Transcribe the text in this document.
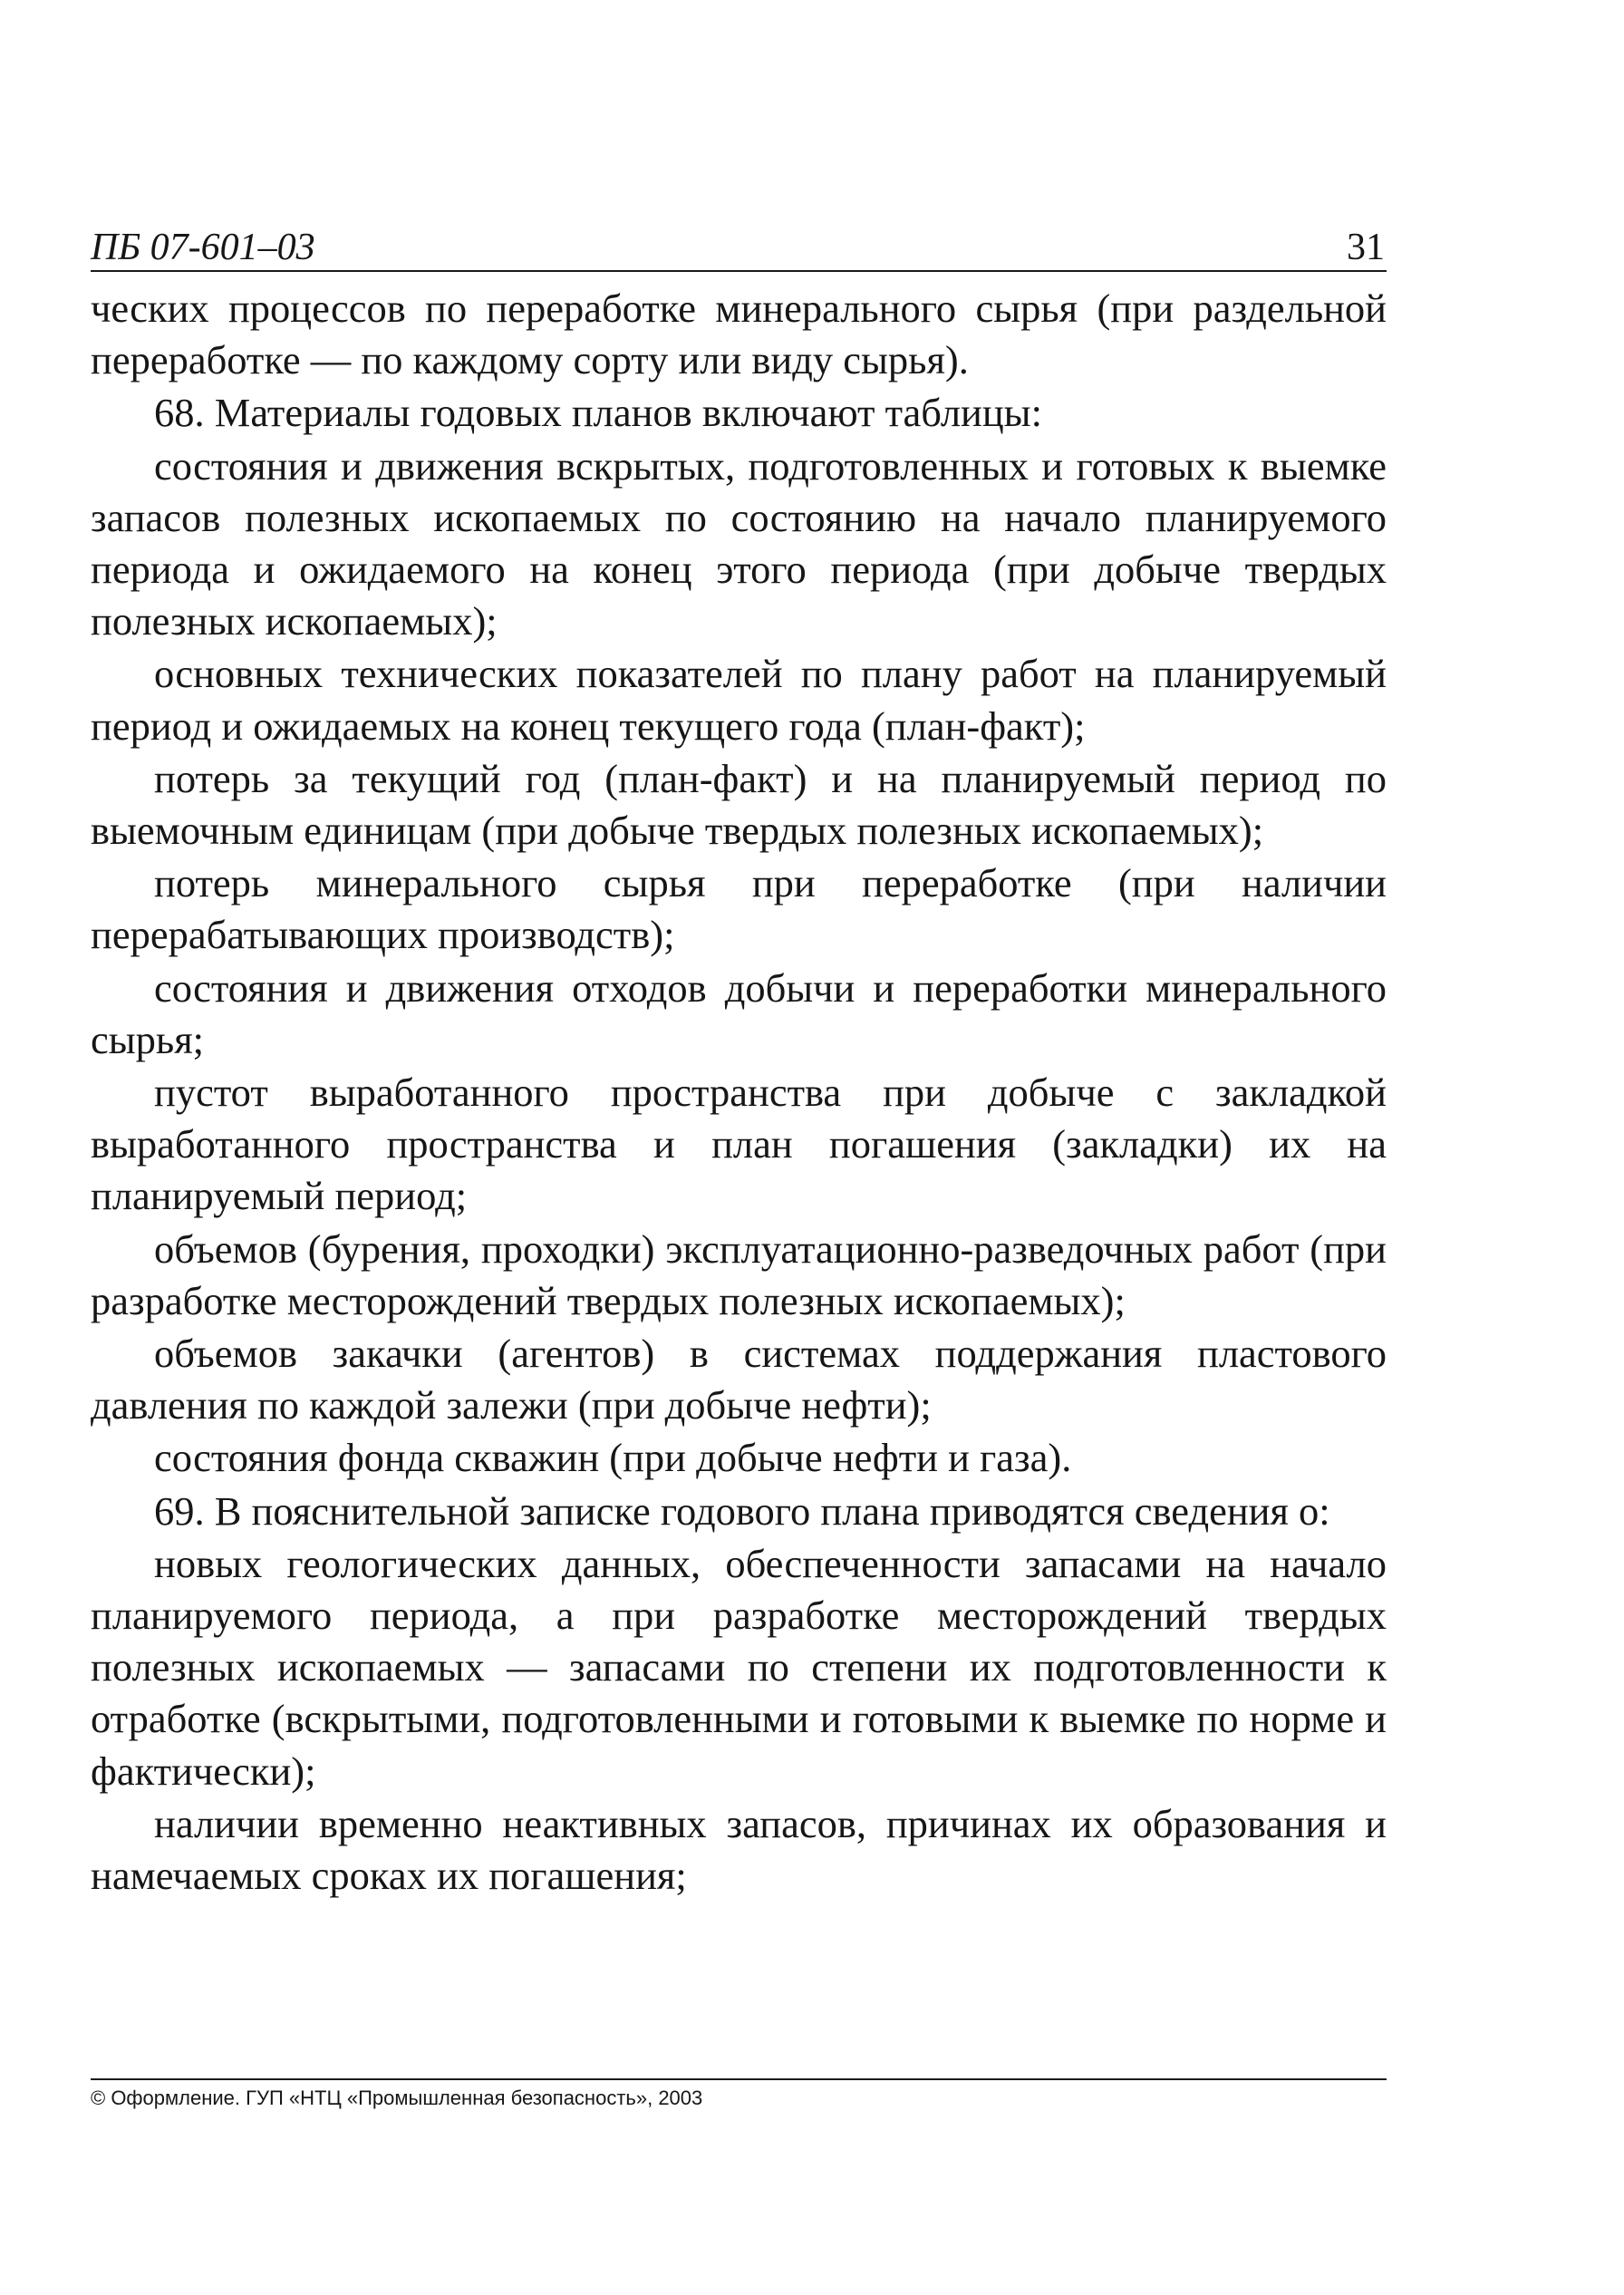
ПБ 07-601–03	31

ческих процессов по переработке минерального сырья (при раздельной переработке — по каждому сорту или виду сырья).

68. Материалы годовых планов включают таблицы:

состояния и движения вскрытых, подготовленных и готовых к выемке запасов полезных ископаемых по состоянию на начало планируемого периода и ожидаемого на конец этого периода (при добыче твердых полезных ископаемых);

основных технических показателей по плану работ на планируемый период и ожидаемых на конец текущего года (план-факт);

потерь за текущий год (план-факт) и на планируемый период по выемочным единицам (при добыче твердых полезных ископаемых);

потерь минерального сырья при переработке (при наличии перерабатывающих производств);

состояния и движения отходов добычи и переработки минерального сырья;

пустот выработанного пространства при добыче с закладкой выработанного пространства и план погашения (закладки) их на планируемый период;

объемов (бурения, проходки) эксплуатационно-разведочных работ (при разработке месторождений твердых полезных ископаемых);

объемов закачки (агентов) в системах поддержания пластового давления по каждой залежи (при добыче нефти);

состояния фонда скважин (при добыче нефти и газа).

69. В пояснительной записке годового плана приводятся сведения о:

новых геологических данных, обеспеченности запасами на начало планируемого периода, а при разработке месторождений твердых полезных ископаемых — запасами по степени их подготовленности к отработке (вскрытыми, подготовленными и готовыми к выемке по норме и фактически);

наличии временно неактивных запасов, причинах их образования и намечаемых сроках их погашения;

© Оформление. ГУП «НТЦ «Промышленная безопасность», 2003
